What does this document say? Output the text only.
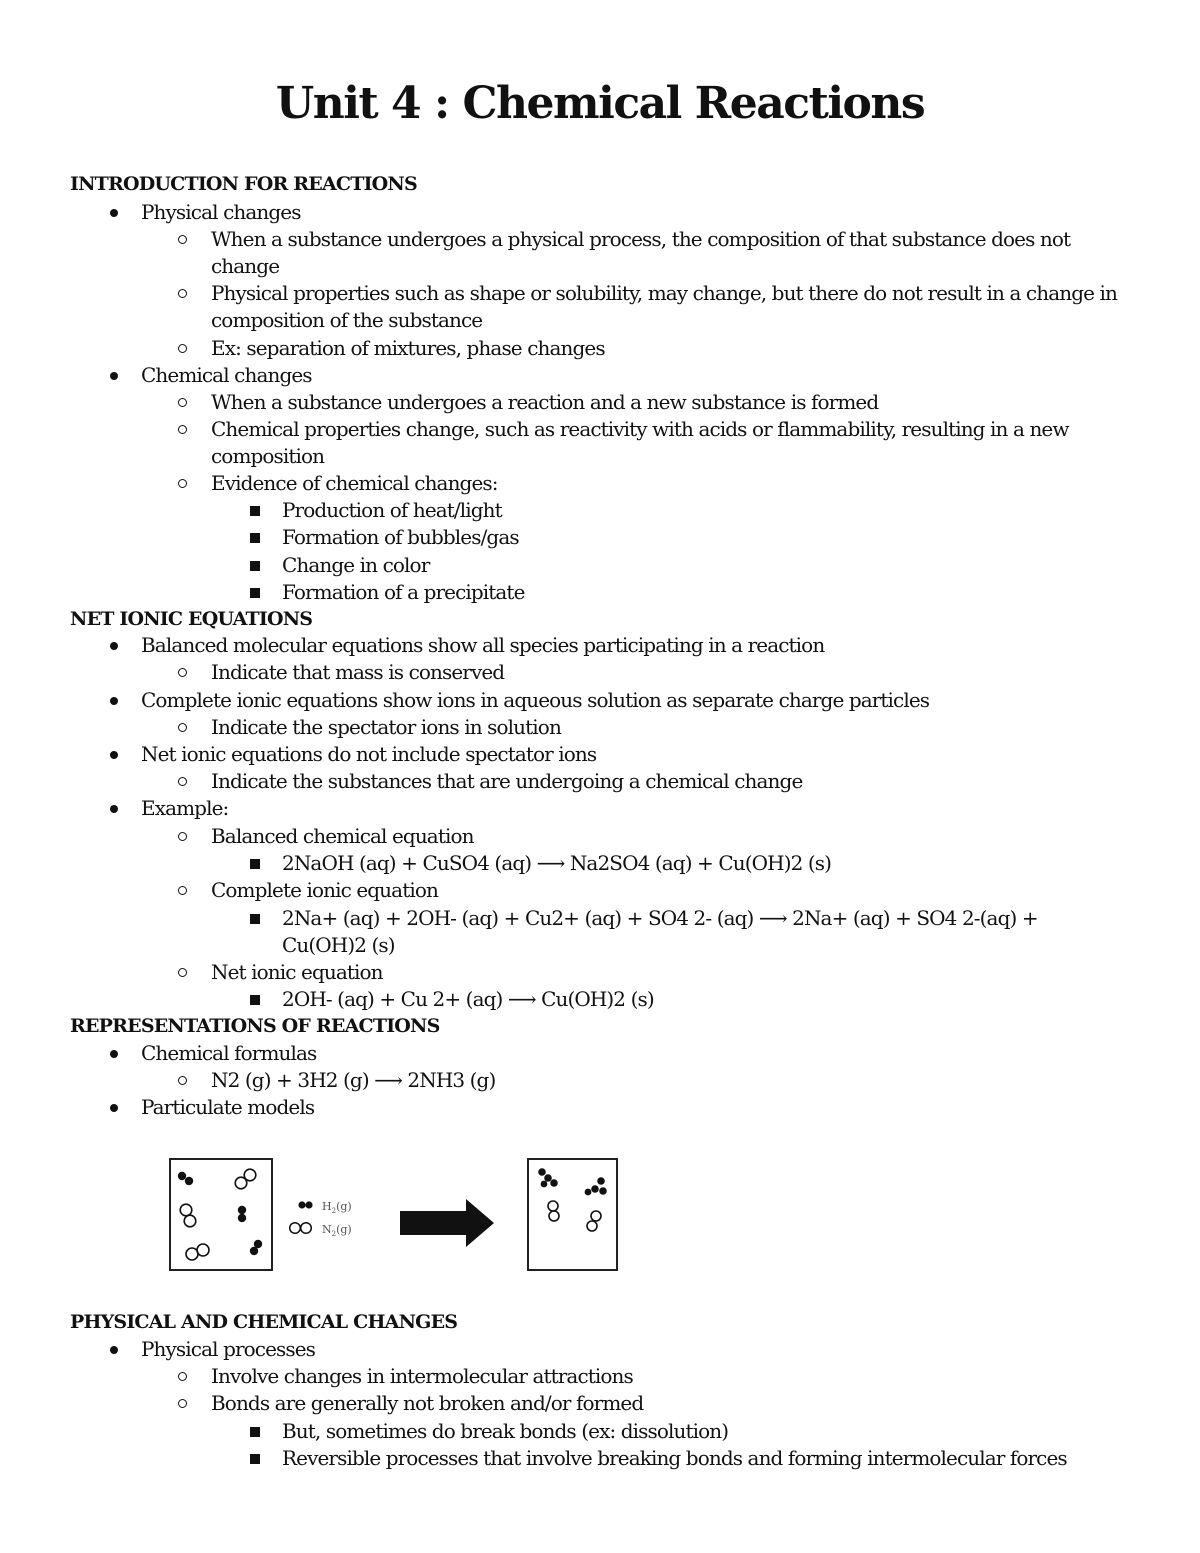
Unit 4 : Chemical Reactions
INTRODUCTION FOR REACTIONS
Physical changes
When a substance undergoes a physical process, the composition of that substance does not
change
Physical properties such as shape or solubility, may change, but there do not result in a change in
composition of the substance
Ex: separation of mixtures, phase changes
Chemical changes
When a substance undergoes a reaction and a new substance is formed
Chemical properties change, such as reactivity with acids or flammability, resulting in a new
composition
Evidence of chemical changes:
Production of heat/light
Formation of bubbles/gas
Change in color
Formation of a precipitate
NET IONIC EQUATIONS
Balanced molecular equations show all species participating in a reaction
Indicate that mass is conserved
Complete ionic equations show ions in aqueous solution as separate charge particles
Indicate the spectator ions in solution
Net ionic equations do not include spectator ions
Indicate the substances that are undergoing a chemical change
Example:
Balanced chemical equation
2NaOH (aq) + CuSO4 (aq) ⟶ Na2SO4 (aq) + Cu(OH)2 (s)
Complete ionic equation
2Na+ (aq) + 2OH- (aq) + Cu2+ (aq) + SO4 2- (aq) ⟶ 2Na+ (aq) + SO4 2-(aq) +
Cu(OH)2 (s)
Net ionic equation
2OH- (aq) + Cu 2+ (aq) ⟶ Cu(OH)2 (s)
REPRESENTATIONS OF REACTIONS
Chemical formulas
N2 (g) + 3H2 (g) ⟶ 2NH3 (g)
Particulate models
$H_2(g)$
$N_2(g)$
PHYSICAL AND CHEMICAL CHANGES
Physical processes
Involve changes in intermolecular attractions
Bonds are generally not broken and/or formed
But, sometimes do break bonds (ex: dissolution)
Reversible processes that involve breaking bonds and forming intermolecular forces
